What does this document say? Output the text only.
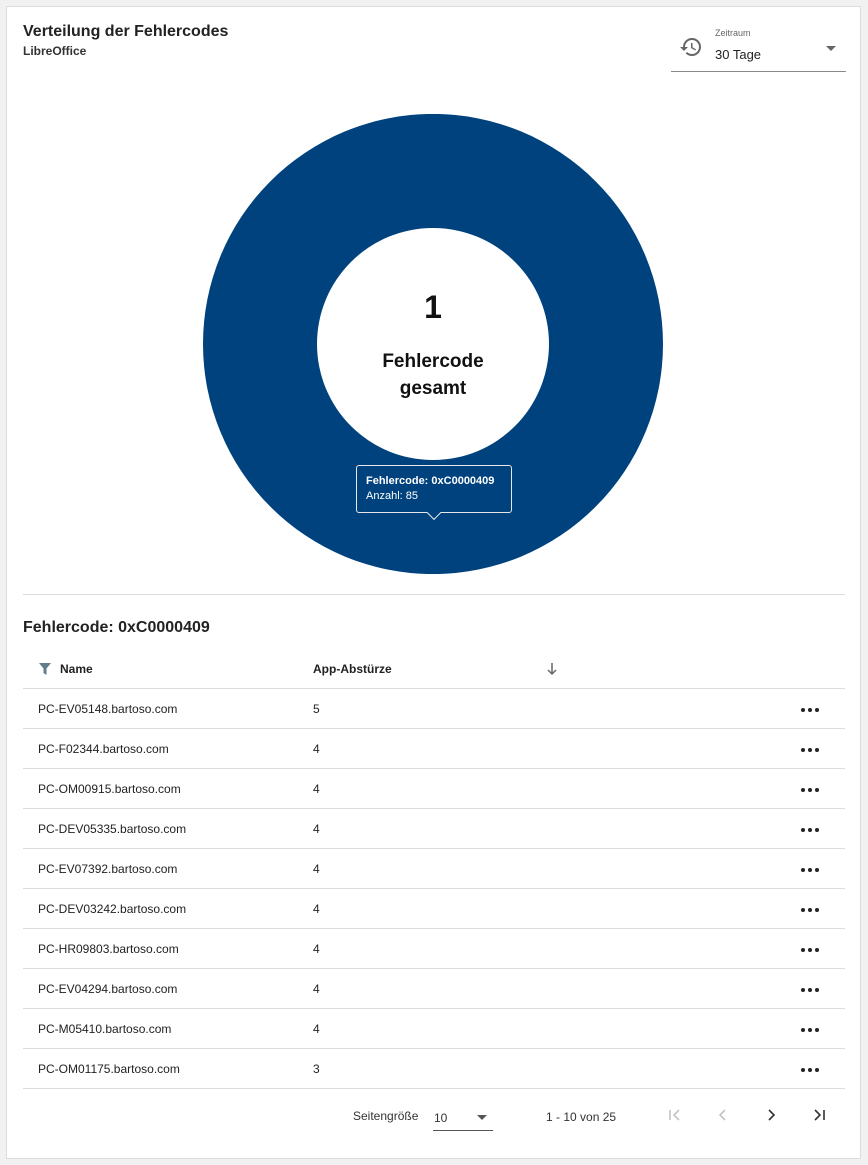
Verteilung der Fehlercodes
LibreOffice
Zeitraum
30 Tage
1
Fehlercode gesamt
Fehlercode: 0xC0000409
Anzahl: 85
Fehlercode: 0xC0000409
Name	App-Abstürze
PC-EV05148.bartoso.com	5
PC-F02344.bartoso.com	4
PC-OM00915.bartoso.com	4
PC-DEV05335.bartoso.com	4
PC-EV07392.bartoso.com	4
PC-DEV03242.bartoso.com	4
PC-HR09803.bartoso.com	4
PC-EV04294.bartoso.com	4
PC-M05410.bartoso.com	4
PC-OM01175.bartoso.com	3
Seitengröße 10	1 - 10 von 25
